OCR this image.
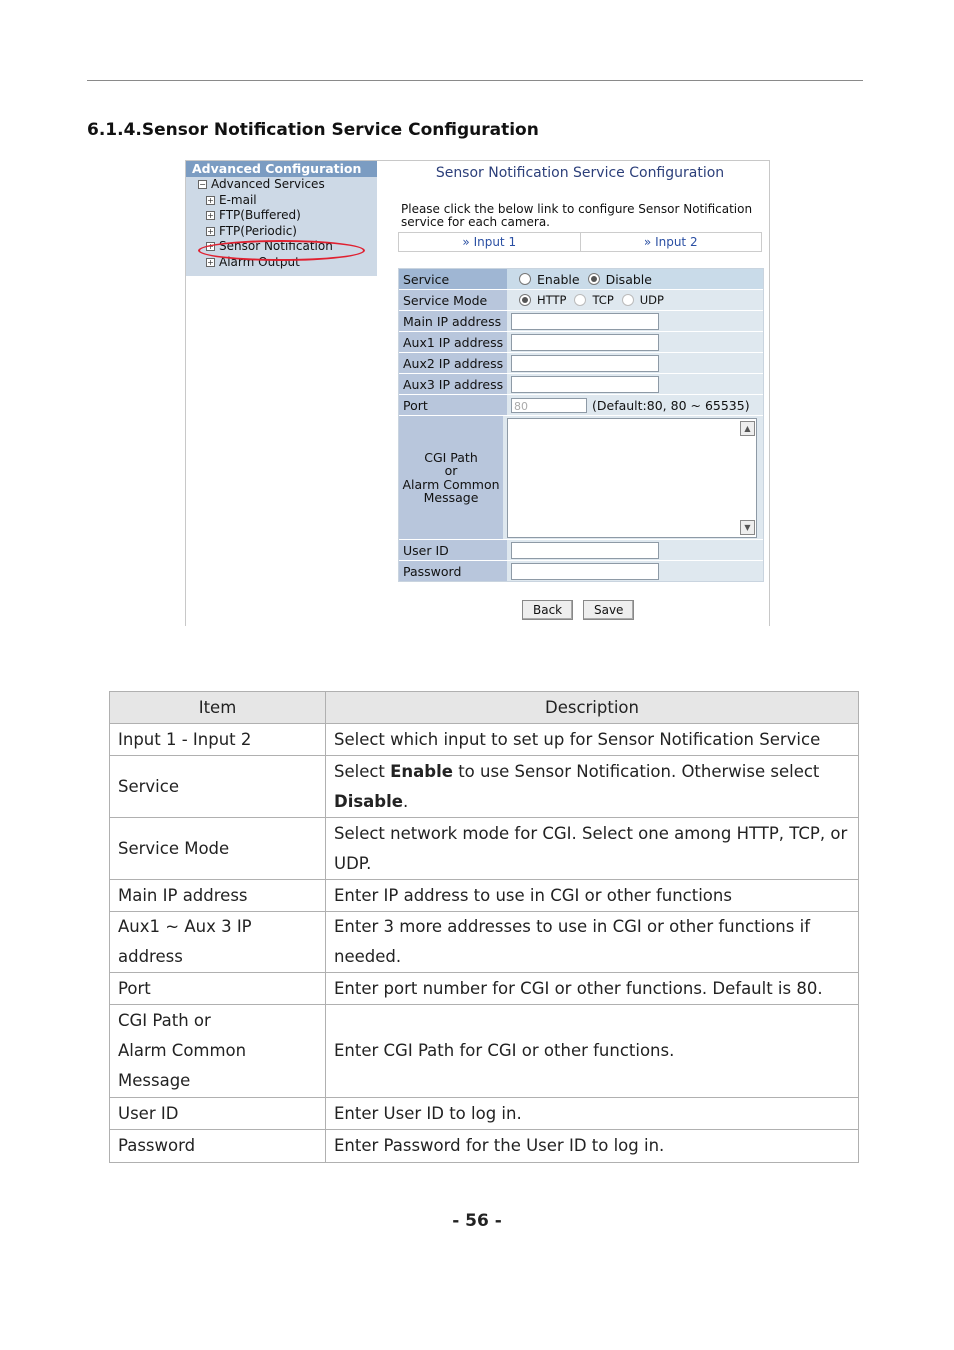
6.1.4.Sensor Notification Service Configuration
Advanced Configuration
− Advanced Services
+ E-mail
+ FTP(Buffered)
+ FTP(Periodic)
+ Sensor Notification
+ Alarm Output
Sensor Notification Service Configuration
Please click the below link to configure Sensor Notification
service for each camera.
» Input 1	» Input 2
Service	Enable Disable
Service Mode	HTTP TCP UDP
Main IP address
Aux1 IP address
Aux2 IP address
Aux3 IP address
Port	80	(Default:80, 80 ~ 65535)
CGI Path
or
Alarm Common
Message
▲
▼
User ID
Password
Back	Save
Item	Description
Input 1 - Input 2	Select which input to set up for Sensor Notification Service
Service	Select Enable to use Sensor Notification. Otherwise select Disable.
Service Mode	Select network mode for CGI. Select one among HTTP, TCP, or UDP.
Main IP address	Enter IP address to use in CGI or other functions
Aux1 ~ Aux 3 IP address	Enter 3 more addresses to use in CGI or other functions if needed.
Port	Enter port number for CGI or other functions. Default is 80.

CGI Path or
Alarm Common
Message	Enter CGI Path for CGI or other functions.
User ID	Enter User ID to log in.
Password	Enter Password for the User ID to log in.
- 56 -
